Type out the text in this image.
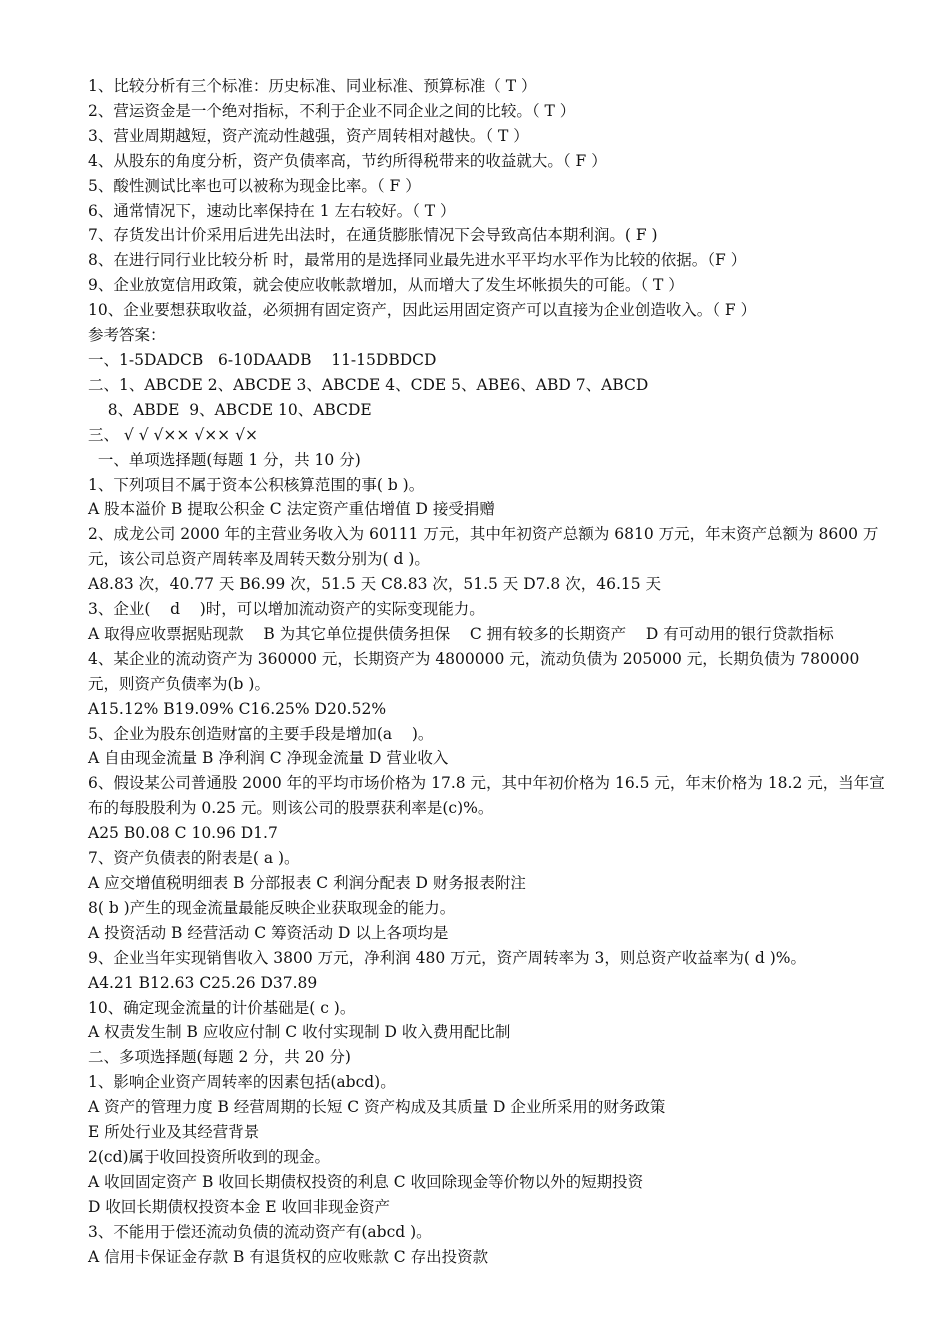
1、比较分析有三个标准：历史标准、同业标准、预算标准（ T ）

2、营运资金是一个绝对指标，不利于企业不同企业之间的比较。（ T ）

3、营业周期越短，资产流动性越强，资产周转相对越快。（ T ）

4、从股东的角度分析，资产负债率高，节约所得税带来的收益就大。（ F ）

5、酸性测试比率也可以被称为现金比率。（ F ）

6、通常情况下，速动比率保持在 1 左右较好。（ T ）

7、存货发出计价采用后进先出法时，在通货膨胀情况下会导致高估本期利润。( F )

8、在进行同行业比较分析 时，最常用的是选择同业最先进水平平均水平作为比较的依据。（F ）

9、企业放宽信用政策，就会使应收帐款增加，从而增大了发生坏帐损失的可能。（ T ）

10、企业要想获取收益，必须拥有固定资产，因此运用固定资产可以直接为企业创造收入。（ F ）

参考答案：

一、1-5DADCB   6-10DAADB    11-15DBDCD

二、1、ABCDE 2、ABCDE 3、ABCDE 4、CDE 5、ABE6、ABD 7、ABCD

8、ABDE  9、ABCDE 10、ABCDE

三、 √ √ √×× √×× √×

一、单项选择题(每题 1 分，共 10 分)

1、下列项目不属于资本公积核算范围的事( b )。

A 股本溢价 B 提取公积金 C 法定资产重估增值 D 接受捐赠

2、成龙公司 2000 年的主营业务收入为 60111 万元，其中年初资产总额为 6810 万元，年末资产总额为 8600 万元，该公司总资产周转率及周转天数分别为( d )。

A8.83 次，40.77 天 B6.99 次，51.5 天 C8.83 次，51.5 天 D7.8 次，46.15 天

3、企业(    d    )时，可以增加流动资产的实际变现能力。

A 取得应收票据贴现款    B 为其它单位提供债务担保    C 拥有较多的长期资产    D 有可动用的银行贷款指标

4、某企业的流动资产为 360000 元，长期资产为 4800000 元，流动负债为 205000 元，长期负债为 780000 元，则资产负债率为(b )。

A15.12% B19.09% C16.25% D20.52%

5、企业为股东创造财富的主要手段是增加(a    )。

A 自由现金流量 B 净利润 C 净现金流量 D 营业收入

6、假设某公司普通股 2000 年的平均市场价格为 17.8 元，其中年初价格为 16.5 元，年末价格为 18.2 元，当年宣布的每股股利为 0.25 元。则该公司的股票获利率是(c)%。

A25 B0.08 C 10.96 D1.7

7、资产负债表的附表是( a )。

A 应交增值税明细表 B 分部报表 C 利润分配表 D 财务报表附注

8( b )产生的现金流量最能反映企业获取现金的能力。

A 投资活动 B 经营活动 C 筹资活动 D 以上各项均是

9、企业当年实现销售收入 3800 万元，净利润 480 万元，资产周转率为 3，则总资产收益率为( d )%。

A4.21 B12.63 C25.26 D37.89

10、确定现金流量的计价基础是( c )。

A 权责发生制 B 应收应付制 C 收付实现制 D 收入费用配比制

二、多项选择题(每题 2 分，共 20 分)

1、影响企业资产周转率的因素包括(abcd)。

A 资产的管理力度 B 经营周期的长短 C 资产构成及其质量 D 企业所采用的财务政策

E 所处行业及其经营背景

2(cd)属于收回投资所收到的现金。

A 收回固定资产 B 收回长期债权投资的利息 C 收回除现金等价物以外的短期投资

D 收回长期债权投资本金 E 收回非现金资产

3、不能用于偿还流动负债的流动资产有(abcd )。

A 信用卡保证金存款 B 有退货权的应收账款 C 存出投资款
